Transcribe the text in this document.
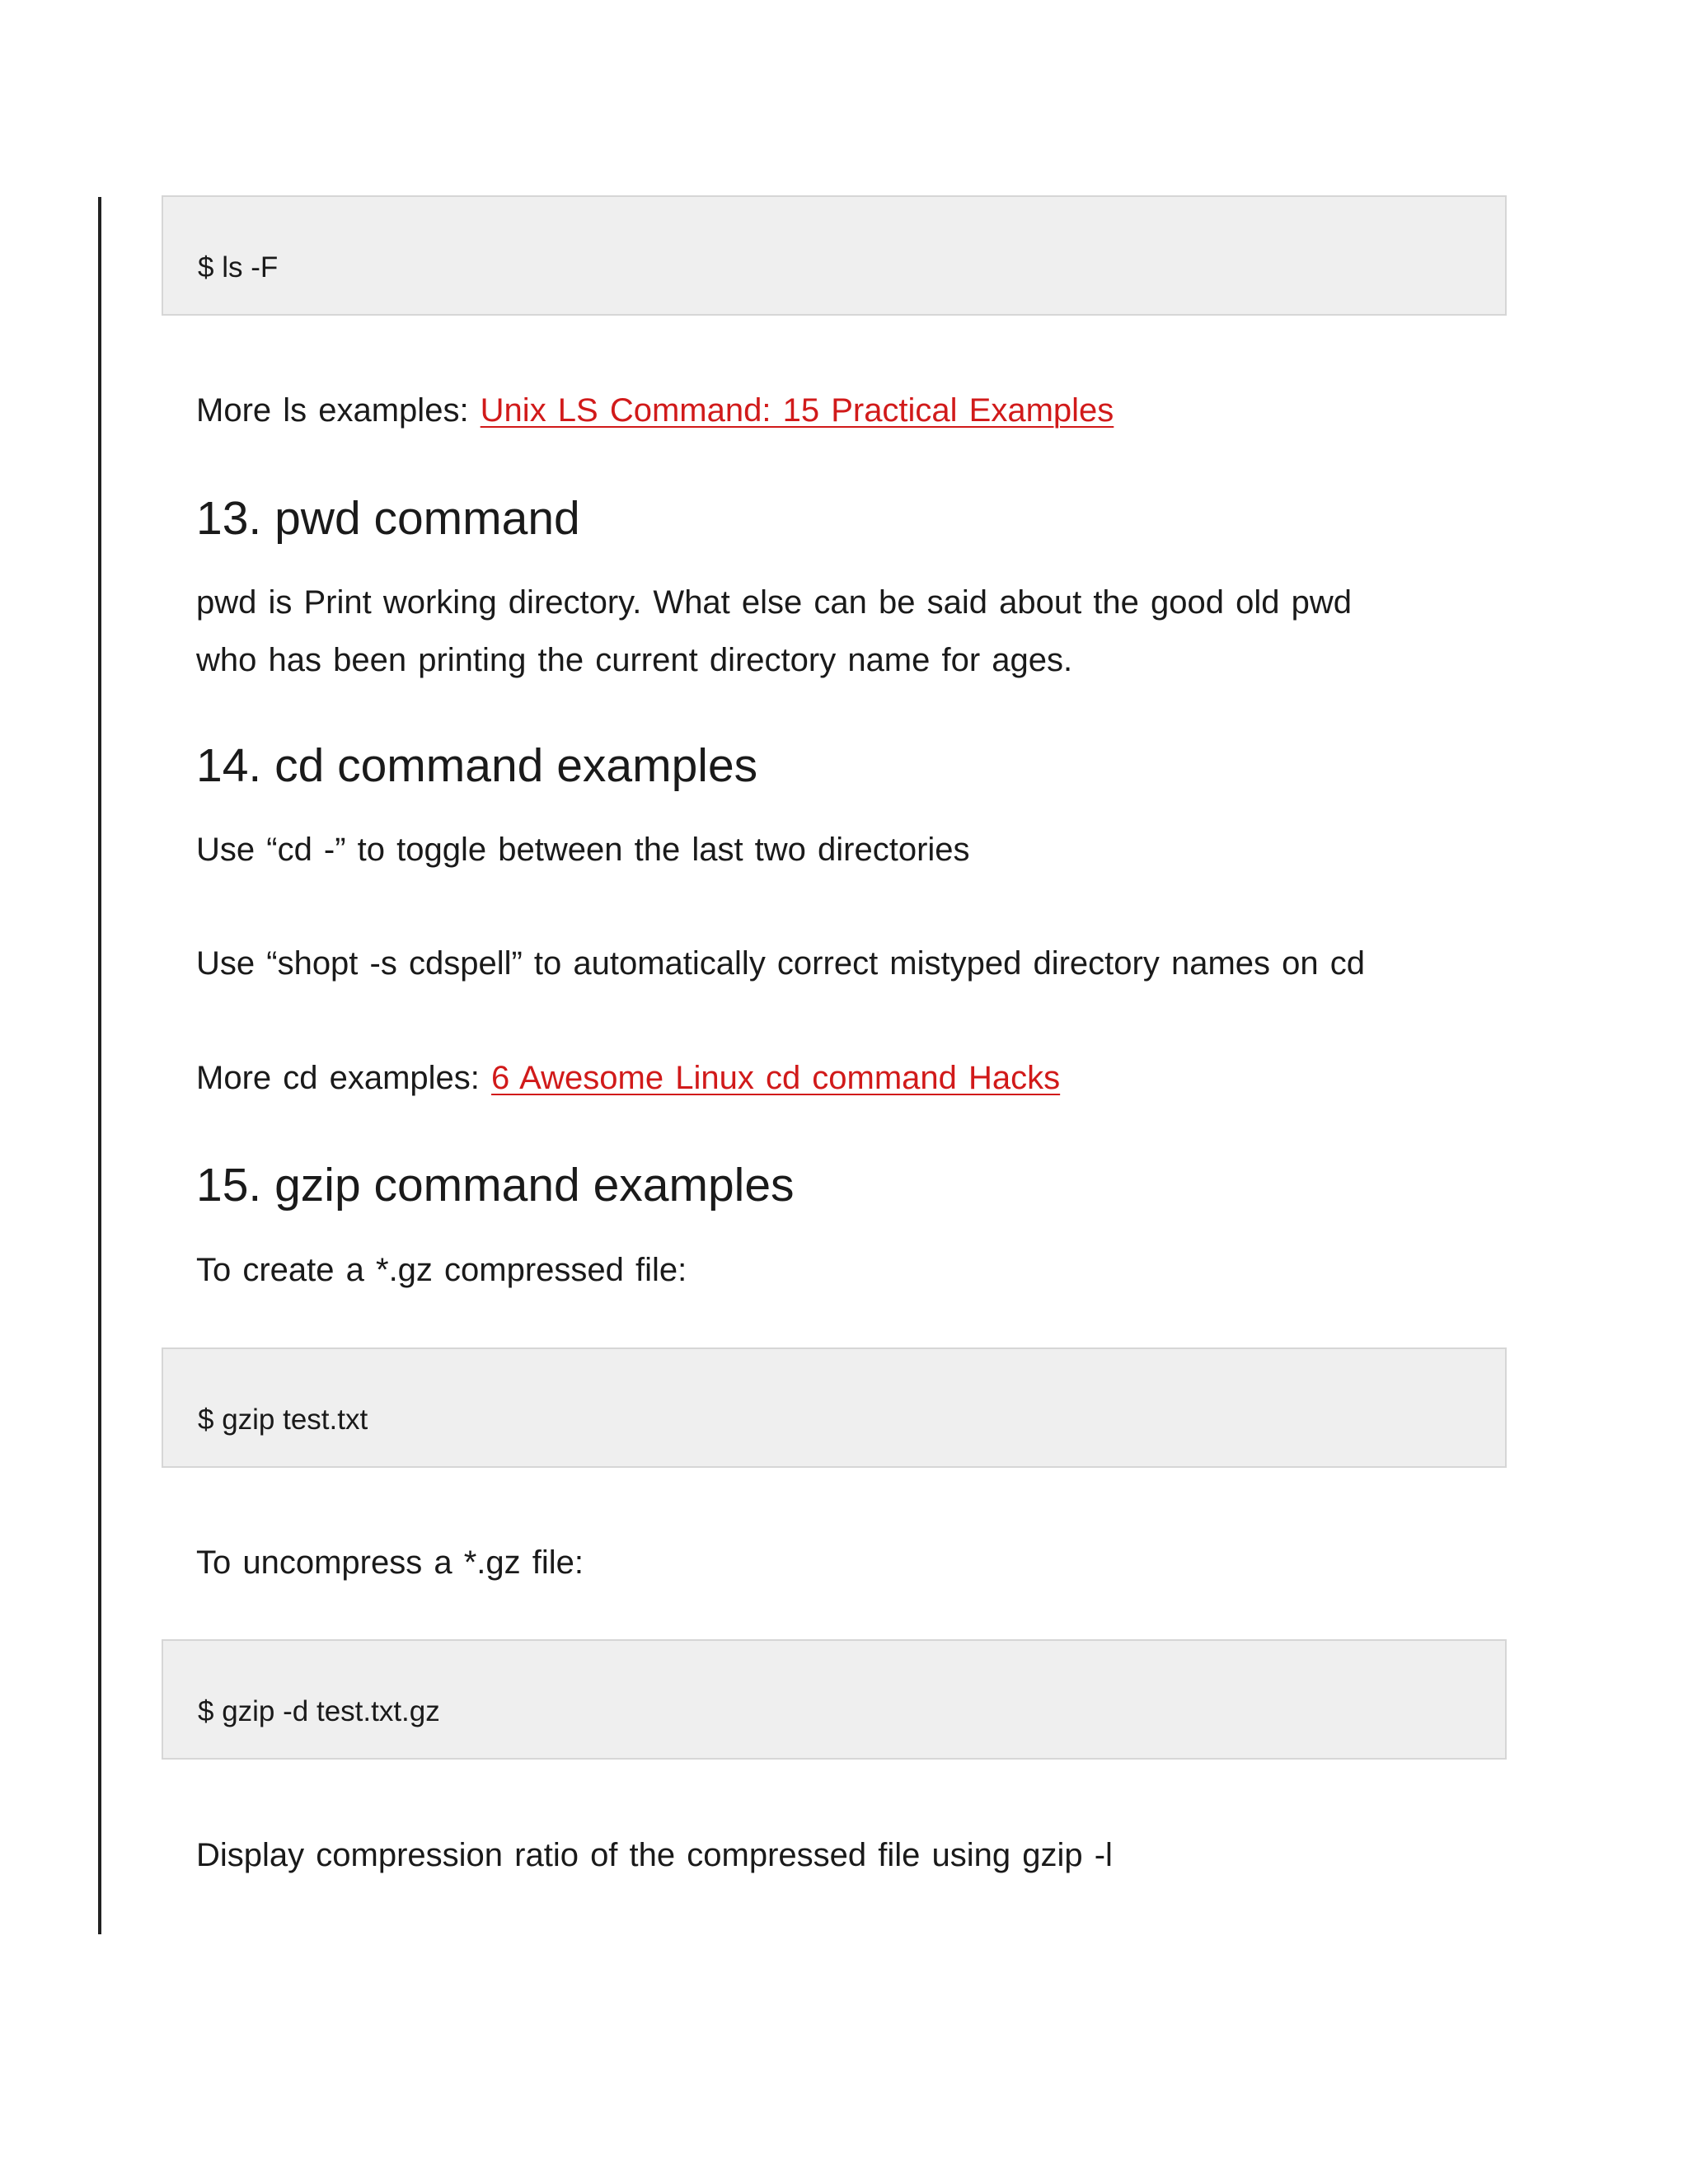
$ ls -F
More ls examples: Unix LS Command: 15 Practical Examples
13. pwd command
pwd is Print working directory. What else can be said about the good old pwd
who has been printing the current directory name for ages.
14. cd command examples
Use “cd -” to toggle between the last two directories
Use “shopt -s cdspell” to automatically correct mistyped directory names on cd
More cd examples: 6 Awesome Linux cd command Hacks
15. gzip command examples
To create a *.gz compressed file:
$ gzip test.txt
To uncompress a *.gz file:
$ gzip -d test.txt.gz
Display compression ratio of the compressed file using gzip -l
